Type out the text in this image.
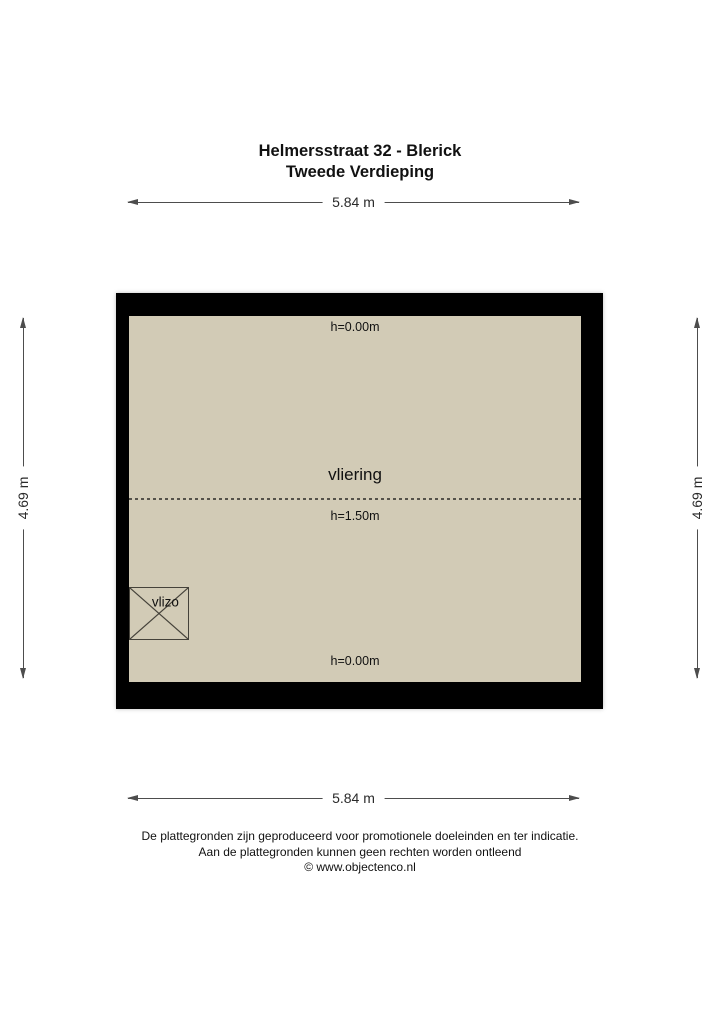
Helmersstraat 32 - Blerick
Tweede Verdieping
5.84 m
4.69 m	4.69 m
h=0.00m
vliering
h=1.50m
vlizo
h=0.00m
5.84 m
De plattegronden zijn geproduceerd voor promotionele doeleinden en ter indicatie.
Aan de plattegronden kunnen geen rechten worden ontleend
© www.objectenco.nl
